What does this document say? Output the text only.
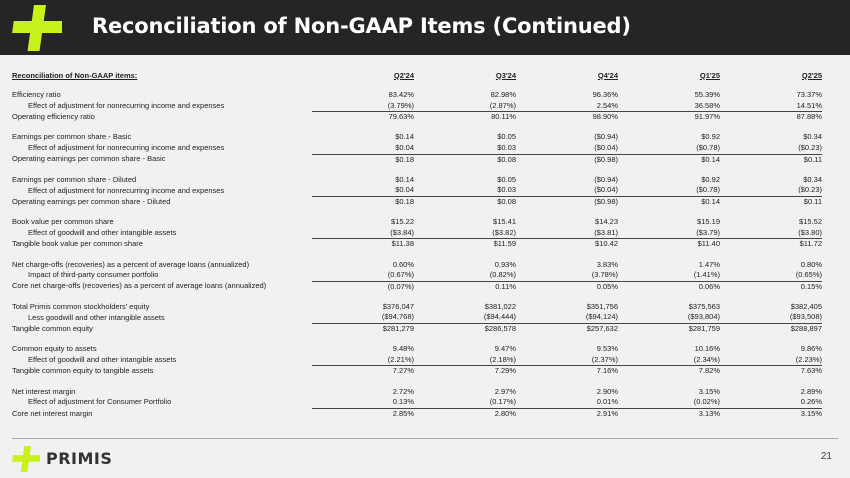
Reconciliation of Non-GAAP Items (Continued)
Reconciliation of Non-GAAP items:	Q2'24	Q3'24	Q4'24	Q1'25	Q2'25

Efficiency ratio	83.42%	82.98%	96.36%	55.39%	73.37%
Effect of adjustment for nonrecurring income and expenses	(3.79%)	(2.87%)	2.54%	36.58%	14.51%
Operating efficiency ratio	79.63%	80.11%	98.90%	91.97%	87.88%

Earnings per common share - Basic	$0.14	$0.05	($0.94)	$0.92	$0.34
Effect of adjustment for nonrecurring income and expenses	$0.04	$0.03	($0.04)	($0.78)	($0.23)
Operating earnings per common share - Basic	$0.18	$0.08	($0.98)	$0.14	$0.11

Earnings per common share - Diluted	$0.14	$0.05	($0.94)	$0.92	$0.34
Effect of adjustment for nonrecurring income and expenses	$0.04	$0.03	($0.04)	($0.78)	($0.23)
Operating earnings per common share - Diluted	$0.18	$0.08	($0.98)	$0.14	$0.11

Book value per common share	$15.22	$15.41	$14.23	$15.19	$15.52
Effect of goodwill and other intangible assets	($3.84)	($3.82)	($3.81)	($3.79)	($3.80)
Tangible book value per common share	$11.38	$11.59	$10.42	$11.40	$11.72

Net charge-offs (recoveries) as a percent of average loans (annualized)	0.60%	0.93%	3.83%	1.47%	0.80%
Impact of third-party consumer portfolio	(0.67%)	(0.82%)	(3.78%)	(1.41%)	(0.65%)
Core net charge-offs (recoveries) as a percent of average loans (annualized)	(0.07%)	0.11%	0.05%	0.06%	0.15%

Total Primis common stockholders' equity	$376,047	$381,022	$351,756	$375,563	$382,405
Less goodwill and other intangible assets	($94,768)	($94,444)	($94,124)	($93,804)	($93,508)
Tangible common equity	$281,279	$286,578	$257,632	$281,759	$288,897

Common equity to assets	9.48%	9.47%	9.53%	10.16%	9.86%
Effect of goodwill and other intangible assets	(2.21%)	(2.18%)	(2.37%)	(2.34%)	(2.23%)
Tangible common equity to tangible assets	7.27%	7.29%	7.16%	7.82%	7.63%

Net interest margin	2.72%	2.97%	2.90%	3.15%	2.89%
Effect of adjustment for Consumer Portfolio	0.13%	(0.17%)	0.01%	(0.02%)	0.26%
Core net interest margin	2.85%	2.80%	2.91%	3.13%	3.15%
PRIMIS	21
